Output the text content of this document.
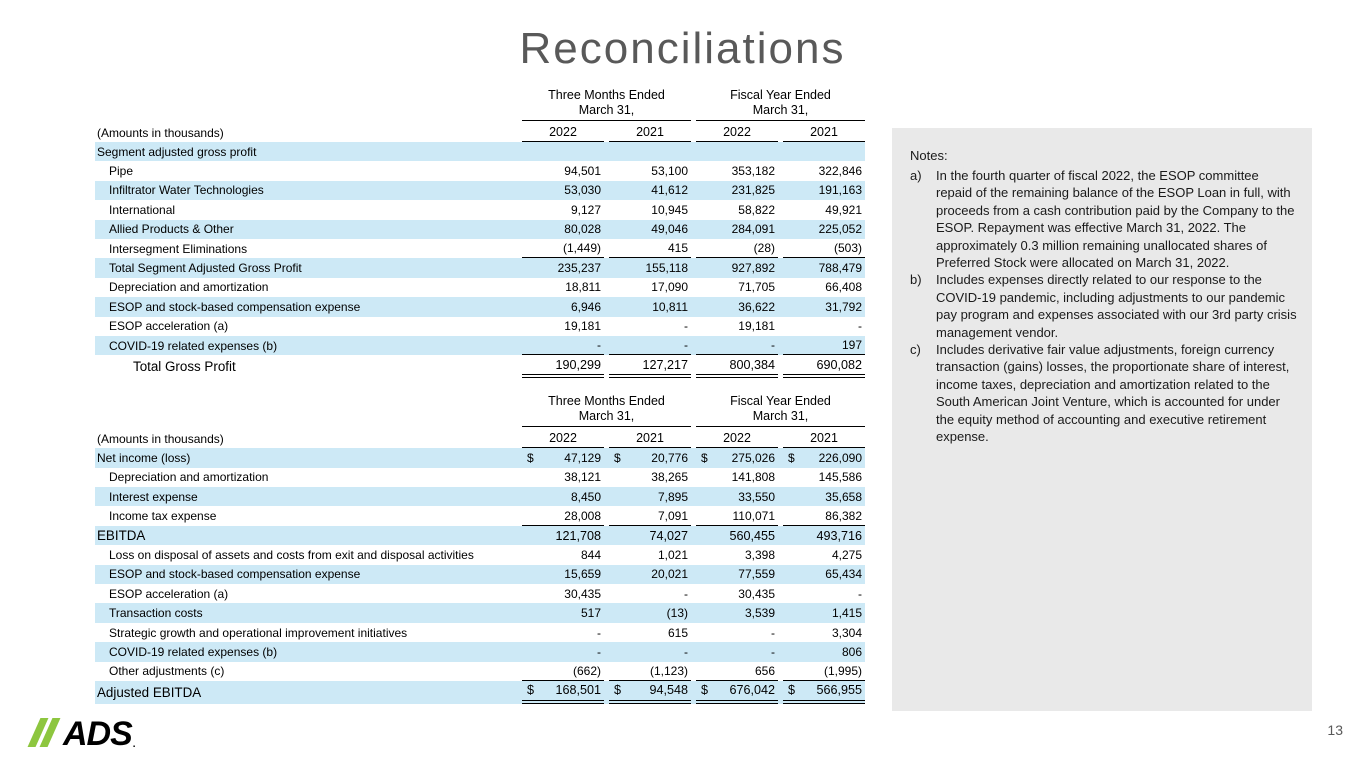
Reconciliations
Three Months Ended
March 31,
Fiscal Year Ended
March 31,
(Amounts in thousands)	2022	2021	2022	2021
Segment adjusted gross profit
Pipe	94,501	53,100	353,182	322,846
Infiltrator Water Technologies	53,030	41,612	231,825	191,163
International	9,127	10,945	58,822	49,921
Allied Products & Other	80,028	49,046	284,091	225,052
Intersegment Eliminations	(1,449)	415	(28)	(503)
Total Segment Adjusted Gross Profit	235,237	155,118	927,892	788,479
Depreciation and amortization	18,811	17,090	71,705	66,408
ESOP and stock-based compensation expense	6,946	10,811	36,622	31,792
ESOP acceleration (a)	19,181	-	19,181	-
COVID-19 related expenses (b)	-	-	-	197
Total Gross Profit	190,299	127,217	800,384	690,082
Three Months Ended
March 31,
Fiscal Year Ended
March 31,
(Amounts in thousands)	2022	2021	2022	2021
Net income (loss)	$	47,129 $	20,776 $ 275,026 $ 226,090
Depreciation and amortization	38,121	38,265	141,808	145,586
Interest expense	8,450	7,895	33,550	35,658
Income tax expense	28,008	7,091	110,071	86,382
EBITDA	121,708	74,027	560,455	493,716
Loss on disposal of assets and costs from exit and disposal activities	844	1,021	3,398	4,275
ESOP and stock-based compensation expense	15,659	20,021	77,559	65,434
ESOP acceleration (a)	30,435	-	30,435	-
Transaction costs	517	(13)	3,539	1,415
Strategic growth and operational improvement initiatives	-	615	-	3,304
COVID-19 related expenses (b)	-	-	-	806
Other adjustments (c)	(662)	(1,123)	656	(1,995)
Adjusted EBITDA	$ 168,501 $ 94,548 $ 676,042 $ 566,955
Notes:
a)	In the fourth quarter of fiscal 2022, the ESOP committee repaid of the remaining balance of the ESOP Loan in full, with proceeds from a cash contribution paid by the Company to the ESOP. Repayment was effective March 31, 2022. The approximately 0.3 million remaining unallocated shares of Preferred Stock were allocated on March 31, 2022.
b)	Includes expenses directly related to our response to the COVID-19 pandemic, including adjustments to our pandemic pay program and expenses associated with our 3rd party crisis management vendor.
c)	Includes derivative fair value adjustments, foreign currency transaction (gains) losses, the proportionate share of interest, income taxes, depreciation and amortization related to the South American Joint Venture, which is accounted for under the equity method of accounting and executive retirement expense.
ADS .
13
